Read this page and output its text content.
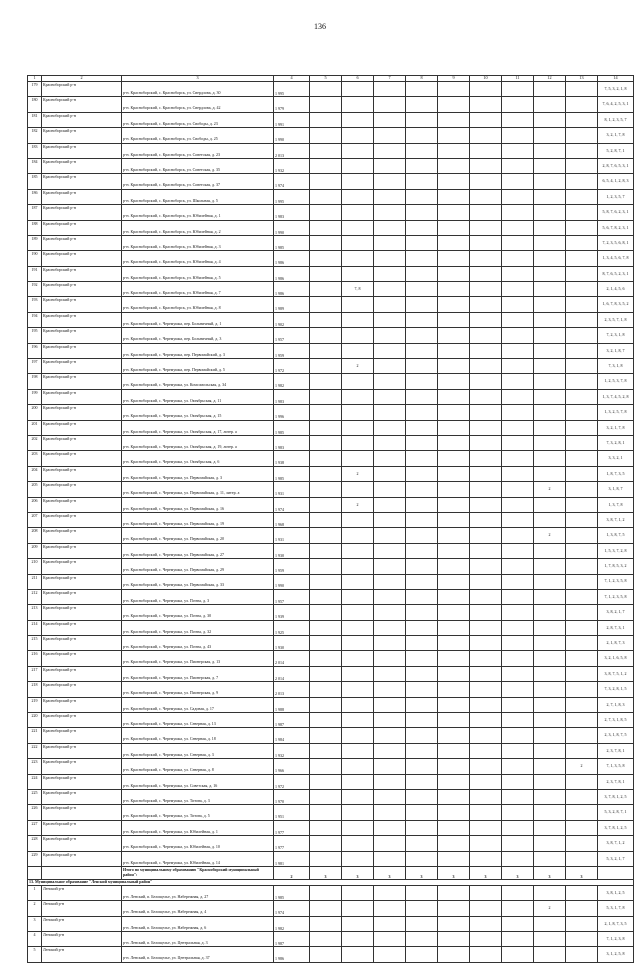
136
1	2	3	4	5	6	7	8	9	10	11	12	13	14
179	Красноборский р-н	р-н. Красноборский, с. Красноборск, ул. Свердлова, д. 30	1 995										7, 5, 3, 2, 1, 8
180	Красноборский р-н	р-н. Красноборский, с. Красноборск, ул. Свердлова, д. 42	1 979										7, 6, 4, 2, 5, 3, 1
181	Красноборский р-н	р-н. Красноборский, с. Красноборск, ул. Свободы, д. 23	1 991										8, 1, 2, 3, 5, 7
182	Красноборский р-н	р-н. Красноборский, с. Красноборск, ул. Свободы, д. 25	1 990										3, 2, 1, 7, 8
183	Красноборский р-н	р-н. Красноборский, с. Красноборск, ул. Советская, д. 23	2 013										5, 2, 8, 7, 1
184	Красноборский р-н	р-н. Красноборский, с. Красноборск, ул. Советская, д. 35	1 932										2, 8, 7, 6, 5, 3, 1
185	Красноборский р-н	р-н. Красноборский, с. Красноборск, ул. Советская, д. 37	1 974										6, 5, 4, 1, 2, 8, 3
186	Красноборский р-н	р-н. Красноборский, с. Красноборск, ул. Школьная, д. 5	1 995										1, 2, 3, 5, 7
187	Красноборский р-н	р-н. Красноборский, с. Красноборск, ул. Юбилейная, д. 1	1 983										5, 8, 7, 6, 2, 3, 1
188	Красноборский р-н	р-н. Красноборский, с. Красноборск, ул. Юбилейная, д. 2	1 990										5, 6, 7, 8, 2, 3, 1
189	Красноборский р-н	р-н. Красноборский, с. Красноборск, ул. Юбилейная, д. 3	1 985										7, 2, 3, 5, 6, 8, 1
190	Красноборский р-н	р-н. Красноборский, с. Красноборск, ул. Юбилейная, д. 4	1 986										1, 3, 4, 5, 6, 7, 8
191	Красноборский р-н	р-н. Красноборский, с. Красноборск, ул. Юбилейная, д. 5	1 986										8, 7, 6, 5, 2, 3, 1
192	Красноборский р-н	р-н. Красноборский, с. Красноборск, ул. Юбилейная, д. 7	1 986		7, 8								2, 1, 4, 5, 6
193	Красноборский р-н	р-н. Красноборский, с. Красноборск, ул. Юбилейная, д. 8	1 989										1, 6, 7, 8, 3, 5, 2
194	Красноборский р-н	р-н. Красноборский, с. Черемушка, пер. Больничный, д. 1	1 902										2, 3, 5, 7, 1, 8
195	Красноборский р-н	р-н. Красноборский, с. Черемушка, пер. Больничный, д. 3	1 957										7, 2, 3, 1, 8
196	Красноборский р-н	р-н. Красноборский, с. Черемушка, пер. Первомайский, д. 3	1 959										3, 2, 1, 8, 7
197	Красноборский р-н	р-н. Красноборский, с. Черемушка, пер. Первомайский, д. 5	1 972		2								7, 3, 1, 8
198	Красноборский р-н	р-н. Красноборский, с. Черемушка, ул. Комсомольская, д. 34	1 982										1, 2, 5, 3, 7, 8
199	Красноборский р-н	р-н. Красноборский, с. Черемушка, ул. Октябрьская, д. 11	1 983										1, 3, 7, 4, 5, 2, 8
200	Красноборский р-н	р-н. Красноборский, с. Черемушка, ул. Октябрьская, д. 15	1 996										1, 3, 2, 5, 7, 8
201	Красноборский р-н	р-н. Красноборский, с. Черемушка, ул. Октябрьская, д. 17, литер. а	1 985										3, 2, 1, 7, 8
202	Красноборский р-н	р-н. Красноборский, с. Черемушка, ул. Октябрьская, д. 19, литер. а	1 983										7, 3, 2, 8, 1
203	Красноборский р-н	р-н. Красноборский, с. Черемушка, ул. Октябрьская, д. 6	1 938										3, 3, 2, 1
204	Красноборский р-н	р-н. Красноборский, с. Черемушка, ул. Первомайская, д. 3	1 985		2								1, 8, 7, 3, 5
205	Красноборский р-н	р-н. Красноборский, с. Черемушка, ул. Первомайская, д. 11, литер. а	1 931								2		3, 1, 8, 7
206	Красноборский р-н	р-н. Красноборский, с. Черемушка, ул. Первомайская, д. 16	1 974		2								1, 3, 7, 8
207	Красноборский р-н	р-н. Красноборский, с. Черемушка, ул. Первомайская, д. 19	1 968										3, 8, 7, 1, 2
208	Красноборский р-н	р-н. Красноборский, с. Черемушка, ул. Первомайская, д. 20	1 931								2		1, 3, 8, 7, 5
209	Красноборский р-н	р-н. Красноборский, с. Черемушка, ул. Первомайская, д. 27	1 930										1, 5, 3, 7, 2, 8
210	Красноборский р-н	р-н. Красноборский, с. Черемушка, ул. Первомайская, д. 29	1 959										1, 7, 8, 5, 3, 2
211	Красноборский р-н	р-н. Красноборский, с. Черемушка, ул. Первомайская, д. 33	1 990										7, 1, 2, 3, 5, 8
212	Красноборский р-н	р-н. Красноборский, с. Черемушка, ул. Почты, д. 3	1 957										7, 1, 2, 3, 5, 8
213	Красноборский р-н	р-н. Красноборский, с. Черемушка, ул. Почты, д. 30	1 939										3, 8, 2, 1, 7
214	Красноборский р-н	р-н. Красноборский, с. Черемушка, ул. Почты, д. 32	1 925										2, 8, 7, 3, 1
215	Красноборский р-н	р-н. Красноборский, с. Черемушка, ул. Почты, д. 43	1 930										2, 1, 8, 7, 3
216	Красноборский р-н	р-н. Красноборский, с. Черемушка, ул. Пионерская, д. 13	2 014										3, 2, 1, 6, 5, 8
217	Красноборский р-н	р-н. Красноборский, с. Черемушка, ул. Пионерская, д. 7	2 014										3, 8, 7, 5, 1, 2
218	Красноборский р-н	р-н. Красноборский, с. Черемушка, ул. Пионерская, д. 9	2 013										7, 3, 2, 8, 1, 5
219	Красноборский р-н	р-н. Красноборский, с. Черемушка, ул. Садовая, д. 17	1 988										2, 7, 1, 8, 3
220	Красноборский р-н	р-н. Красноборский, с. Черемушка, ул. Северная, д. 13	1 987										2, 7, 3, 1, 8, 5
221	Красноборский р-н	р-н. Красноборский, с. Черемушка, ул. Северная, д. 18	1 984										2, 3, 1, 8, 7, 5
222	Красноборский р-н	р-н. Красноборский, с. Черемушка, ул. Северная, д. 3	1 932										2, 3, 7, 8, 1
223	Красноборский р-н	р-н. Красноборский, с. Черемушка, ул. Северная, д. 8	1 966									2	7, 1, 3, 5, 8
224	Красноборский р-н	р-н. Красноборский, с. Черемушка, ул. Советская, д. 16	1 972										2, 3, 7, 8, 1
225	Красноборский р-н	р-н. Красноборский, с. Черемушка, ул. Титова, д. 3	1 970										3, 7, 8, 1, 2, 5
226	Красноборский р-н	р-н. Красноборский, с. Черемушка, ул. Титова, д. 5	1 951										5, 3, 2, 8, 7, 1
227	Красноборский р-н	р-н. Красноборский, с. Черемушка, ул. Юбилейная, д. 1	1 977										3, 7, 8, 1, 2, 5
228	Красноборский р-н	р-н. Красноборский, с. Черемушка, ул. Юбилейная, д. 10	1 977										3, 8, 7, 1, 2
229	Красноборский р-н	р-н. Красноборский, с. Черемушка, ул. Юбилейная, д. 14	1 981										5, 3, 2, 1, 7
		Итого по муниципальному образованию "Красноборский муниципальный район":	2	3	3	3	3	3	3	3	3	3	
13. Муниципальное образование "Ленский муниципальный район"													
1	Ленский р-н	р-н. Ленский, п. Белощелье, ул. Набережная, д. 27	1 985										3, 8, 1, 2, 5
2	Ленский р-н	р-н. Ленский, п. Белощелье, ул. Набережная, д. 4	1 974								2		5, 3, 1, 7, 8
3	Ленский р-н	р-н. Ленский, п. Белощелье, ул. Набережная, д. 6	1 982										2, 1, 8, 7, 3, 5
4	Ленский р-н	р-н. Ленский, п. Белощелье, ул. Центральная, д. 3	1 987										7, 1, 2, 3, 8
5	Ленский р-н	р-н. Ленский, п. Белощелье, ул. Центральная, д. 37	1 986										3, 1, 2, 5, 8
